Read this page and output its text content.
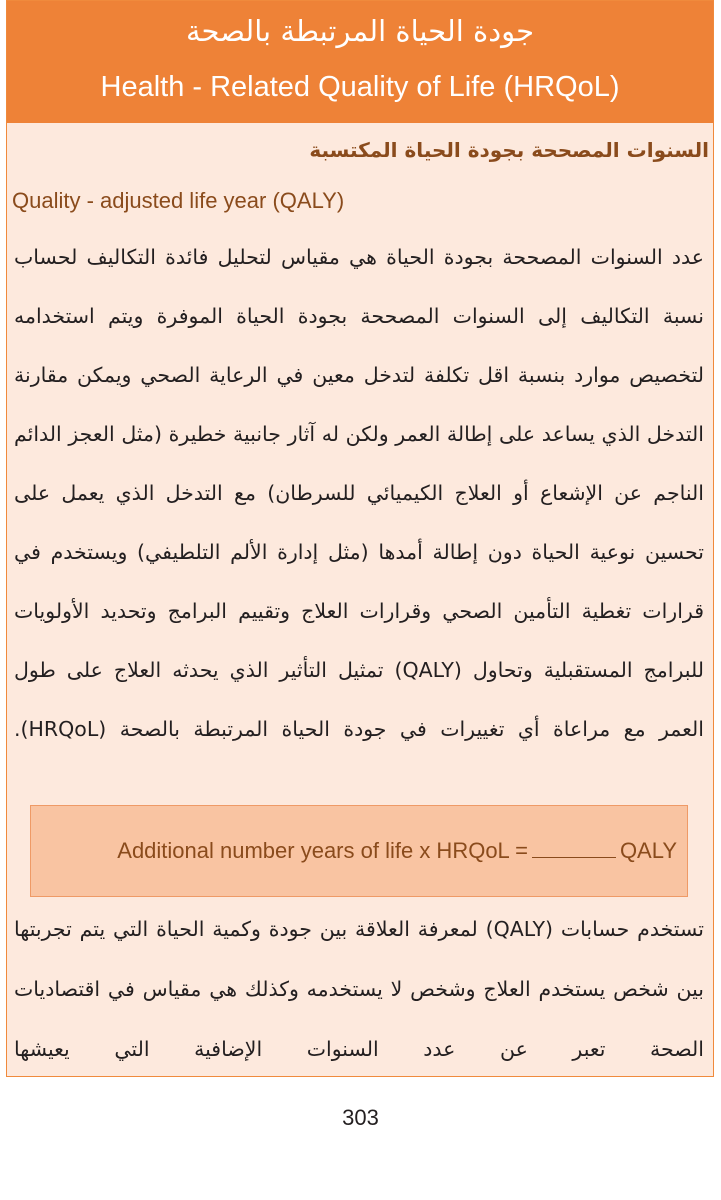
جودة الحياة المرتبطة بالصحة
Health - Related Quality of Life (HRQoL)
السنوات المصححة بجودة الحياة المكتسبة
Quality - adjusted life year (QALY)
عدد السنوات المصححة بجودة الحياة هي مقياس لتحليل فائدة التكاليف لحساب نسبة التكاليف إلى السنوات المصححة بجودة الحياة الموفرة ويتم استخدامه لتخصيص موارد بنسبة اقل تكلفة لتدخل معين في الرعاية الصحي ويمكن مقارنة التدخل الذي يساعد على إطالة العمر ولكن له آثار جانبية خطيرة (مثل العجز الدائم الناجم عن الإشعاع أو العلاج الكيميائي للسرطان) مع التدخل الذي يعمل على تحسين نوعية الحياة دون إطالة أمدها (مثل إدارة الألم التلطيفي) ويستخدم في قرارات تغطية التأمين الصحي وقرارات العلاج وتقييم البرامج وتحديد الأولويات للبرامج المستقبلية وتحاول (QALY) تمثيل التأثير الذي يحدثه العلاج على طول العمر مع مراعاة أي تغييرات في جودة الحياة المرتبطة بالصحة (HRQoL).
Additional number years of life x HRQoL =	QALY
تستخدم حسابات (QALY) لمعرفة العلاقة بين جودة وكمية الحياة التي يتم تجربتها بين شخص يستخدم العلاج وشخص لا يستخدمه وكذلك هي مقياس في اقتصاديات الصحة تعبر عن عدد السنوات الإضافية التي يعيشها
303
